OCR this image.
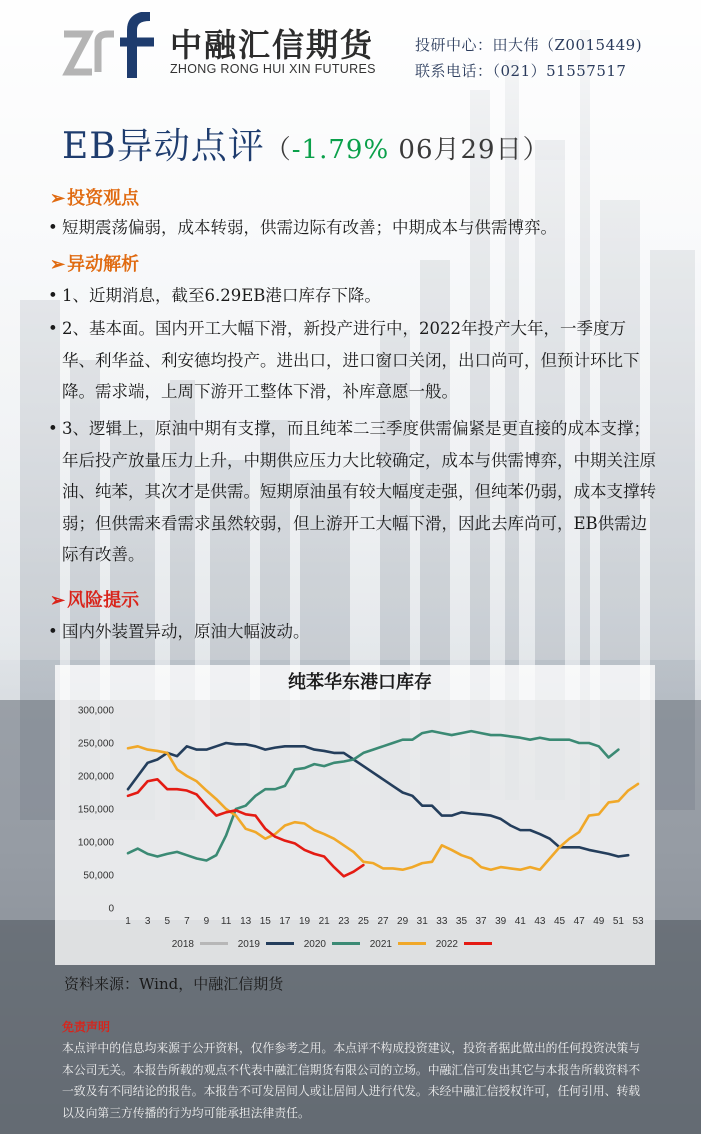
中融汇信期货
ZHONG RONG HUI XIN FUTURES
投研中心：田大伟（Z0015449)
联系电话：（021）51557517
EB异动点评（-1.79% 06月29日）
➢ 投资观点
• 短期震荡偏弱，成本转弱，供需边际有改善；中期成本与供需博弈。
➢ 异动解析
• 1、近期消息，截至6.29EB港口库存下降。
• 2、基本面。国内开工大幅下滑，新投产进行中，2022年投产大年，一季度万华、利华益、利安德均投产。进出口，进口窗口关闭，出口尚可，但预计环比下降。需求端，上周下游开工整体下滑，补库意愿一般。
• 3、逻辑上，原油中期有支撑，而且纯苯二三季度供需偏紧是更直接的成本支撑；年后投产放量压力上升，中期供应压力大比较确定，成本与供需博弈，中期关注原油、纯苯，其次才是供需。短期原油虽有较大幅度走强，但纯苯仍弱，成本支撑转弱；但供需来看需求虽然较弱，但上游开工大幅下滑，因此去库尚可，EB供需边际有改善。
➢ 风险提示
• 国内外装置异动，原油大幅波动。
纯苯华东港口库存
0
50,000
100,000
150,000
200,000
250,000
300,000
1 3 5 7 9 11 13 15 17 19 21 23 25 27 29 31 33 35 37 39 41 43 45 47 49 51 53
2018	2019	2020	2021	2022
资料来源：Wind，中融汇信期货
免责声明
本点评中的信息均来源于公开资料，仅作参考之用。本点评不构成投资建议，投资者据此做出的任何投资决策与本公司无关。本报告所载的观点不代表中融汇信期货有限公司的立场。中融汇信可发出其它与本报告所载资料不一致及有不同结论的报告。本报告不可发居间人或让居间人进行代发。未经中融汇信授权许可，任何引用、转载以及向第三方传播的行为均可能承担法律责任。
